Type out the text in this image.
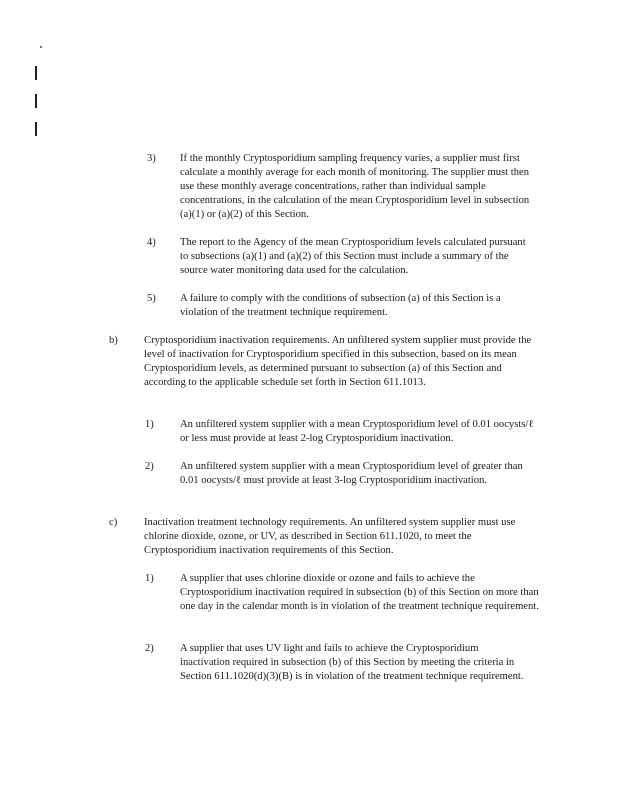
3) If the monthly Cryptosporidium sampling frequency varies, a supplier must first calculate a monthly average for each month of monitoring. The supplier must then use these monthly average concentrations, rather than individual sample concentrations, in the calculation of the mean Cryptosporidium level in subsection (a)(1) or (a)(2) of this Section.
4) The report to the Agency of the mean Cryptosporidium levels calculated pursuant to subsections (a)(1) and (a)(2) of this Section must include a summary of the source water monitoring data used for the calculation.
5) A failure to comply with the conditions of subsection (a) of this Section is a violation of the treatment technique requirement.
b) Cryptosporidium inactivation requirements. An unfiltered system supplier must provide the level of inactivation for Cryptosporidium specified in this subsection, based on its mean Cryptosporidium levels, as determined pursuant to subsection (a) of this Section and according to the applicable schedule set forth in Section 611.1013.
1) An unfiltered system supplier with a mean Cryptosporidium level of 0.01 oocysts/ℓ or less must provide at least 2-log Cryptosporidium inactivation.
2) An unfiltered system supplier with a mean Cryptosporidium level of greater than 0.01 oocysts/ℓ must provide at least 3-log Cryptosporidium inactivation.
c)	Inactivation treatment technology requirements. An unfiltered system supplier must use chlorine dioxide, ozone, or UV, as described in Section 611.1020, to meet the Cryptosporidium inactivation requirements of this Section.
1) A supplier that uses chlorine dioxide or ozone and fails to achieve the Cryptosporidium inactivation required in subsection (b) of this Section on more than one day in the calendar month is in violation of the treatment technique requirement.
2) A supplier that uses UV light and fails to achieve the Cryptosporidium inactivation required in subsection (b) of this Section by meeting the criteria in Section 611.1020(d)(3)(B) is in violation of the treatment technique requirement.
